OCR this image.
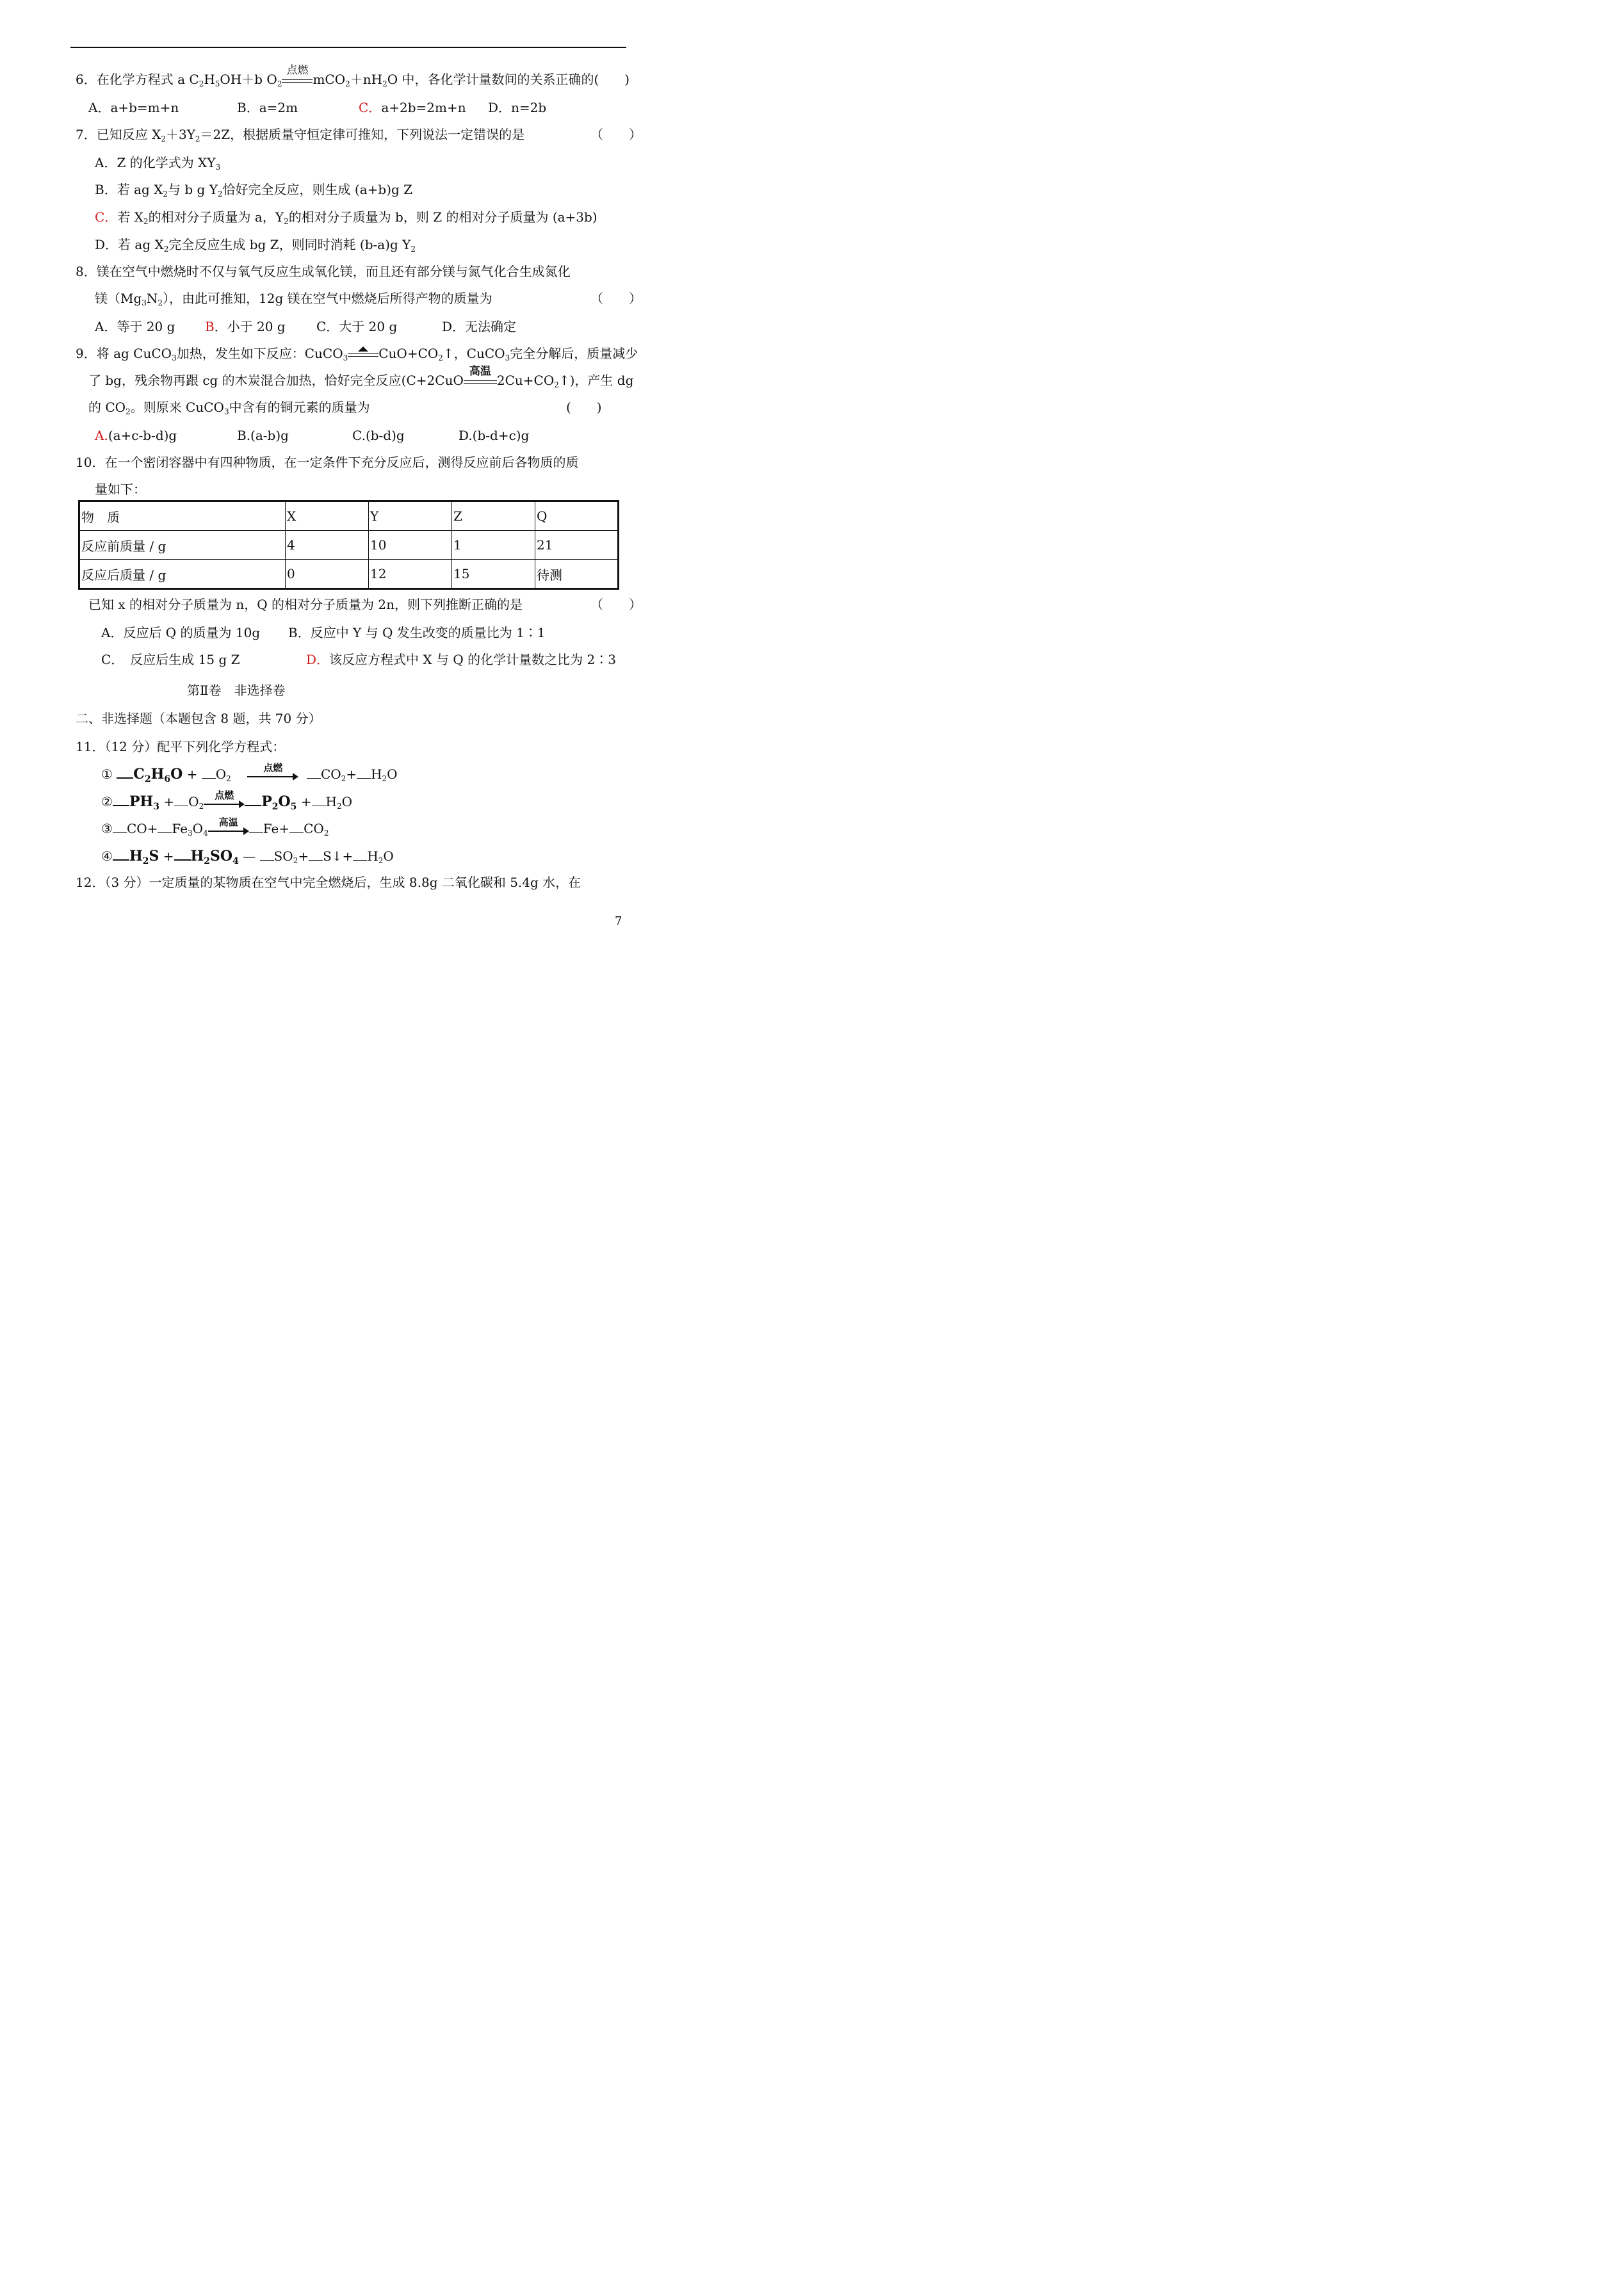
6．在化学方程式 a $C_2H_5OH+b$ $O_2$
点燃
$mCO_2+nH_2O$ 中，各化学计量数间的关系正确的(　　)
A．a+b=m+n	B．a=2m	C．a+2b=2m+n D．n=2b
7．已知反应 $X_2+3Y_2=2Z$，根据质量守恒定律可推知，下列说法一定错误的是	（　　）
A．Z 的化学式为 $XY_3$
B．若 ag $X_2$与 b g $Y_2$恰好完全反应，则生成 (a+b)g Z
C．若 $X_2$的相对分子质量为 a，$Y_2$的相对分子质量为 b，则 Z 的相对分子质量为 (a+3b)
D．若 ag $X_2$完全反应生成 bg Z，则同时消耗 (b-a)g $Y_2$
8．镁在空气中燃烧时不仅与氧气反应生成氧化镁，而且还有部分镁与氮气化合生成氮化
镁$(Mg_3N_2)$，由此可推知，12g 镁在空气中燃烧后所得产物的质量为	（　　）
A．等于 20 g B．小于 20 g C．大于 20 g	D．无法确定
9．将 ag CuCO$_3$加热，发生如下反应：CuCO$_3$ $CuO+CO_2↑$，CuCO$_3$完全分解后，质量减少
了 bg，残余物再跟 cg 的木炭混合加热，恰好完全反应(C+2CuO
高温
$2Cu+CO_2↑$)，产生 dg
的 $CO_2$。则原来 CuCO$_3$中含有的铜元素的质量为	(　　)
A.(a+c-b-d)g	B.(a-b)g	C.(b-d)g	D.(b-d+c)g
10．在一个密闭容器中有四种物质，在一定条件下充分反应后，测得反应前后各物质的质
量如下：
物　质	X	Y	Z	Q
反应前质量 / g	4	10	1	21
反应后质量 / g	0	12	15	待测
已知 x 的相对分子质量为 n，Q 的相对分子质量为 2n，则下列推断正确的是	（　　）
A．反应后 Q 的质量为 10g B．反应中 Y 与 Q 发生改变的质量比为 1∶1
C．　反应后生成 15 g Z	D．该反应方程式中 X 与 Q 的化学计量数之比为 2∶3
第Ⅱ卷　非选择卷
二、非选择题（本题包含 8 题，共 70 分）
11．（12 分）配平下列化学方程式：
① $C_2H_6O + O_2$
点燃	$CO_2+ H_2O$
② $PH_3 + O_2$
点燃	$P_2O_5 + H_2O$
③ $CO+ Fe_3O_4$
高温	$Fe+ CO_2$
④ $H_2S + H_2SO_4$ — $SO_2+$ S↓+ $H_2O$
12．（3 分）一定质量的某物质在空气中完全燃烧后，生成 8.8g 二氧化碳和 5.4g 水，在
7
